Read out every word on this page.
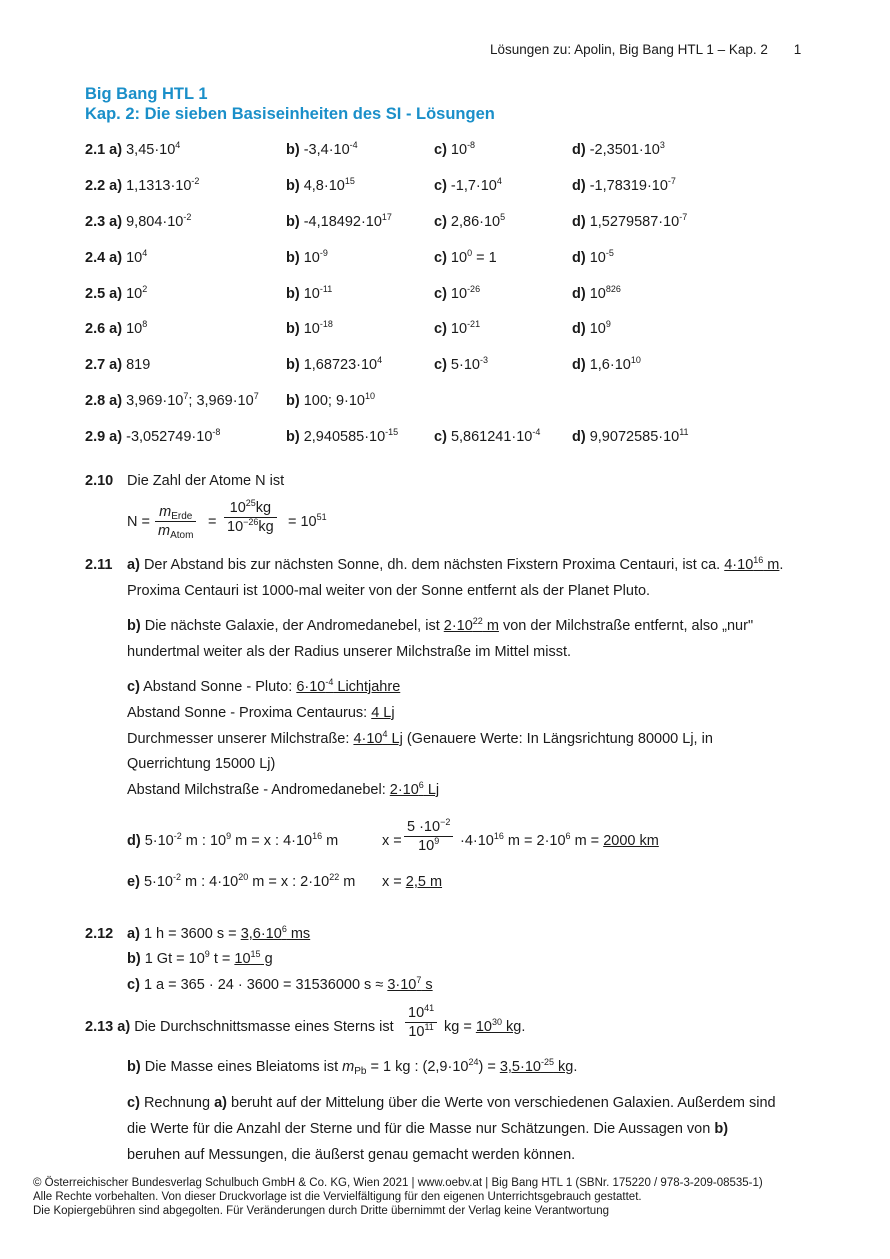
Lösungen zu: Apolin, Big Bang HTL 1 – Kap. 2 1
Big Bang HTL 1
Kap. 2: Die sieben Basiseinheiten des SI - Lösungen
2.1 a) $3,45\cdot 10^4$	b) $-3,4\cdot 10^{-4}$	c) $10^{-8}$	d) $-2,3501\cdot 10^3$
2.2 a) $1,1313\cdot 10^{-2}$	b) $4,8\cdot 10^{15}$	c) $-1,7\cdot 10^4$	d) $-1,78319\cdot 10^{-7}$
2.3 a) $9,804\cdot 10^{-2}$	b) $-4,18492\cdot 10^{17}$	c) $2,86\cdot 10^5$	d) $1,5279587\cdot 10^{-7}$
2.4 a) $10^4$	b) $10^{-9}$	c) $10^0 = 1$	d) $10^{-5}$
2.5 a) $10^2$	b) $10^{-11}$	c) $10^{-26}$	d) $10^{826}$
2.6 a) $10^8$	b) $10^{-18}$	c) $10^{-21}$	d) $10^9$
2.7 a) 819	b) $1,68723\cdot 10^4$	c) $5\cdot 10^{-3}$	d) $1,6\cdot 10^{10}$
2.8 a) $3,969\cdot 10^7$; $3,969\cdot 10^7$ b) 100; $9\cdot 10^{10}$
2.9 a) $-3,052749\cdot 10^{-8}$	b) $2,940585\cdot 10^{-15}$ c) $5,861241\cdot 10^{-4}$ d) $9,9072585\cdot 10^{11}$
2.10 Die Zahl der Atome N ist
N =
$m_{Erde}$
$m_{Atom}$
= $\frac{10^{25}kg}{10^{-26}kg} = 10^{51}$
2.11 a) Der Abstand bis zur nächsten Sonne, dh. dem nächsten Fixstern Proxima Centauri, ist ca. $4\cdot 10^{16}$ m.
Proxima Centauri ist 1000-mal weiter von der Sonne entfernt als der Planet Pluto.
b) Die nächste Galaxie, der Andromedanebel, ist $2\cdot 10^{22}$ m von der Milchstraße entfernt, also „nur"
hundertmal weiter als der Radius unserer Milchstraße im Mittel misst.
c) Abstand Sonne - Pluto: $6\cdot 10^{-4}$ Lichtjahre
Abstand Sonne - Proxima Centaurus: 4 Lj
Durchmesser unserer Milchstraße: $4\cdot 10^4$ Lj (Genauere Werte: In Längsrichtung 80000 Lj, in
Querrichtung 15000 Lj)
Abstand Milchstraße - Andromedanebel: $2\cdot 10^6$ Lj
d) $5\cdot 10^{-2}$ m : $10^9$ m = x : $4\cdot 10^{16}$ m	$x = \frac{5 \cdot 10^{-2}}{10^9} \cdot 4\cdot 10^{16}$ $m = 2\cdot 10^6$ m = 2000 km
e) $5\cdot 10^{-2}$ m : $4\cdot 10^{20}$ m = x : $2\cdot 10^{22}$ m x = 2,5 m
2.12 a) 1 h = 3600 $s = 3,6\cdot 10^6$ ms
b) 1 $Gt = 10^9$ $t = 10^{15}$ g
c) 1 a = 365 · 24 · 3600 = 31536000 $s \approx 3\cdot 10^7$ s
2.13 a) Die Durchschnittsmasse eines Sterns ist $\frac{10^{41}}{10^{11}}$ kg = $10^{30}$ kg.
b) Die Masse eines Bleiatoms ist $m_{Pb} = 1$ kg : $(2,9\cdot 10^{24}) = 3,5\cdot 10^{-25}$ kg.
c) Rechnung a) beruht auf der Mittelung über die Werte von verschiedenen Galaxien. Außerdem sind
die Werte für die Anzahl der Sterne und für die Masse nur Schätzungen. Die Aussagen von b)
beruhen auf Messungen, die äußerst genau gemacht werden können.
© Österreichischer Bundesverlag Schulbuch GmbH & Co. KG, Wien 2021 | www.oebv.at | Big Bang HTL 1 (SBNr. 175220 / 978-3-209-08535-1)
Alle Rechte vorbehalten. Von dieser Druckvorlage ist die Vervielfältigung für den eigenen Unterrichtsgebrauch gestattet.
Die Kopiergebühren sind abgegolten. Für Veränderungen durch Dritte übernimmt der Verlag keine Verantwortung
